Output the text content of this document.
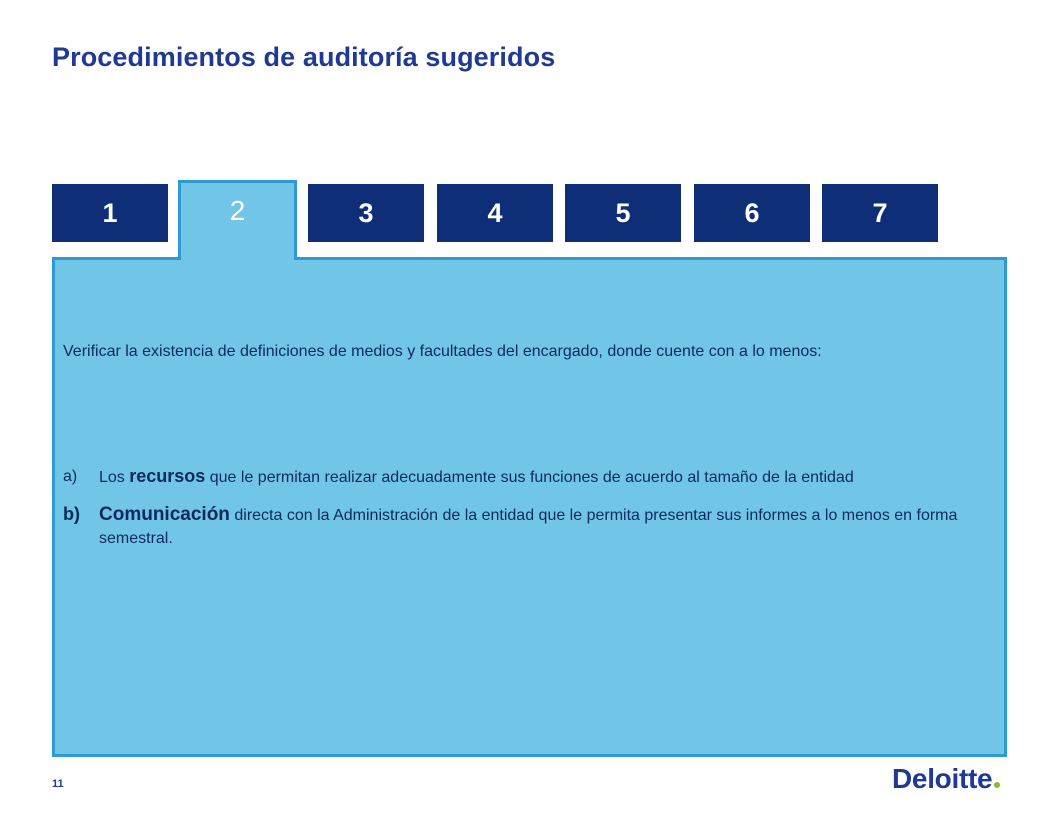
Procedimientos de auditoría sugeridos
1	2	3	4	5	6	7

Verificar la existencia de definiciones de medios y facultades del encargado, donde cuente con a lo menos:

a) Los recursos que le permitan realizar adecuadamente sus funciones de acuerdo al tamaño de la entidad
b) Comunicación directa con la Administración de la entidad que le permita presentar sus informes a lo menos en forma semestral.
11	Deloitte
